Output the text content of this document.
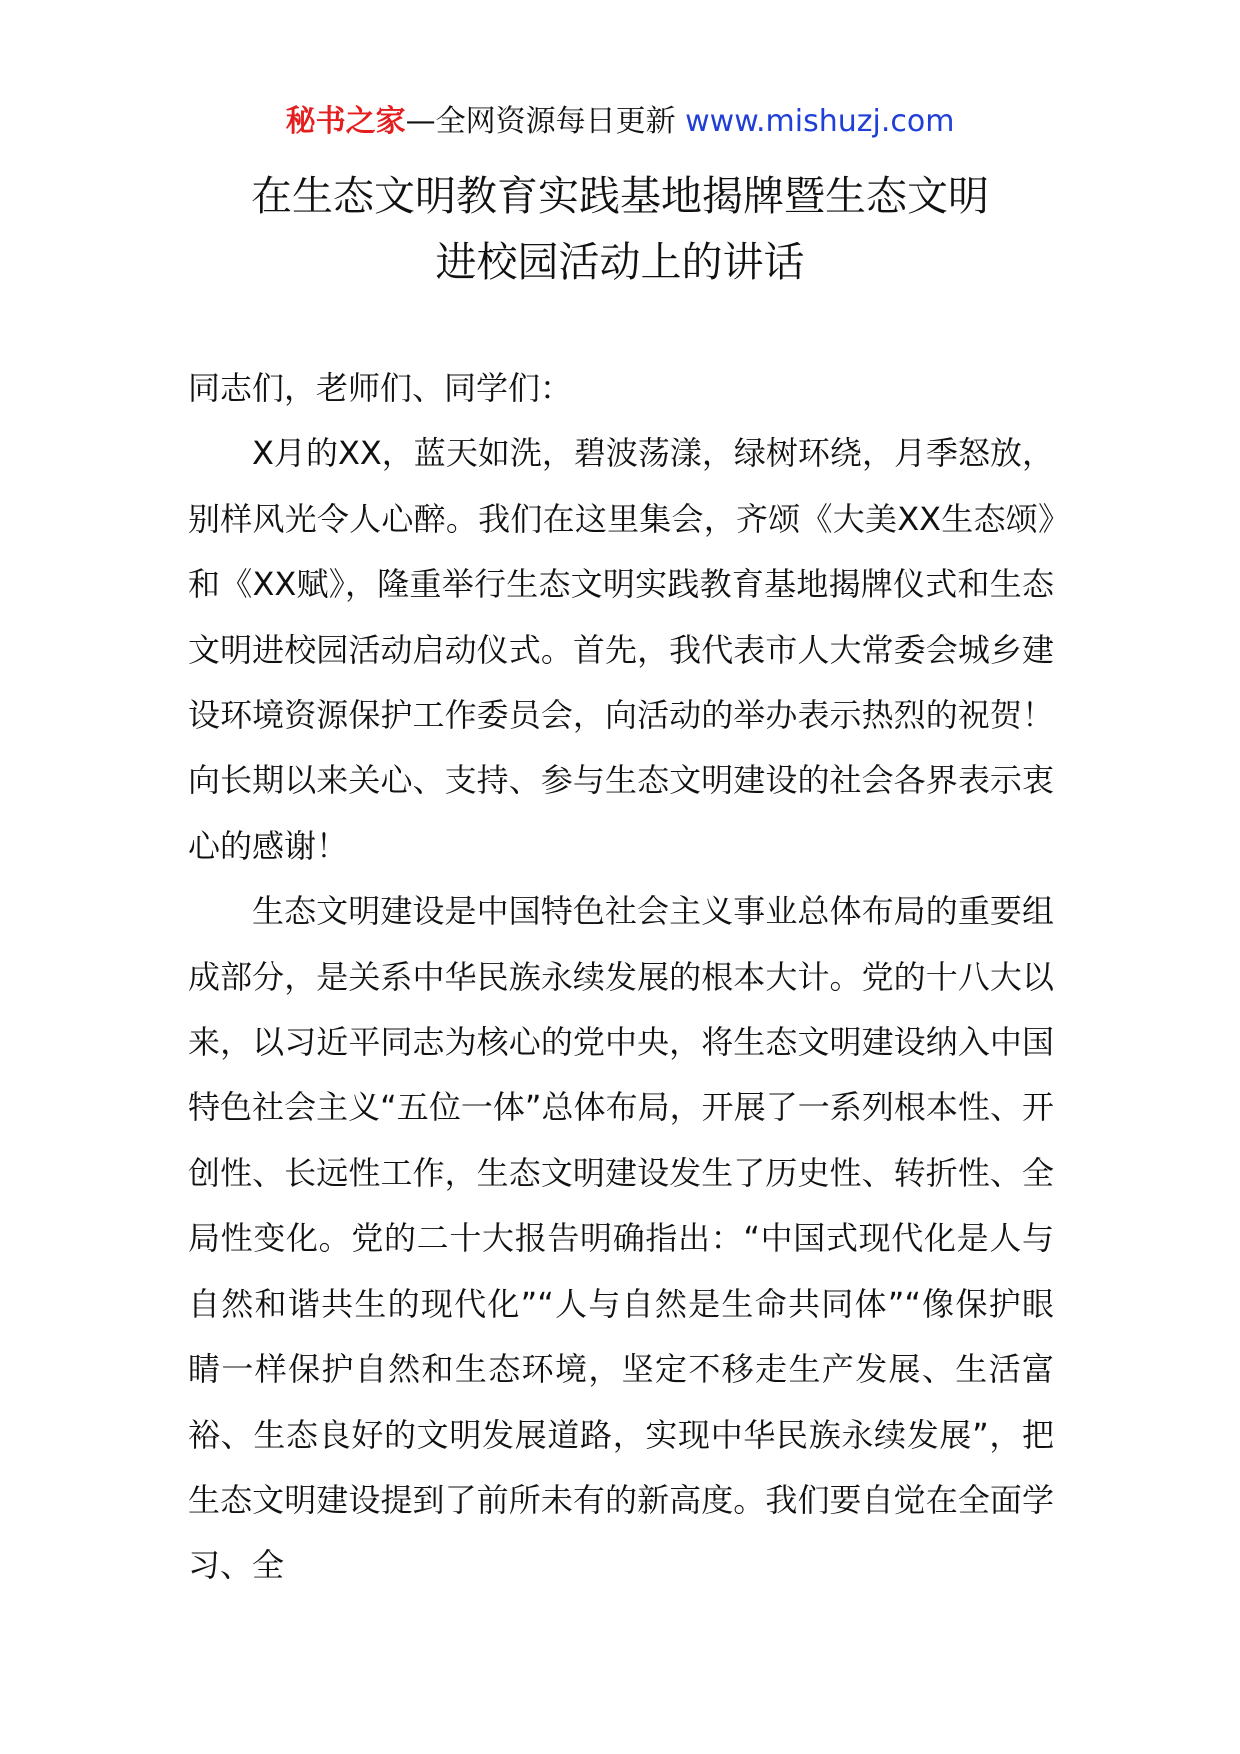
秘书之家—全网资源每日更新 www.mishuzj.com
在生态文明教育实践基地揭牌暨生态文明
进校园活动上的讲话

同志们，老师们、同学们：

X月的XX，蓝天如洗，碧波荡漾，绿树环绕，月季怒放，别样风光令人心醉。我们在这里集会，齐颂《大美XX生态颂》和《XX赋》，隆重举行生态文明实践教育基地揭牌仪式和生态文明进校园活动启动仪式。首先，我代表市人大常委会城乡建设环境资源保护工作委员会，向活动的举办表示热烈的祝贺！向长期以来关心、支持、参与生态文明建设的社会各界表示衷心的感谢！

生态文明建设是中国特色社会主义事业总体布局的重要组成部分，是关系中华民族永续发展的根本大计。党的十八大以来，以习近平同志为核心的党中央，将生态文明建设纳入中国特色社会主义“五位一体”总体布局，开展了一系列根本性、开创性、长远性工作，生态文明建设发生了历史性、转折性、全局性变化。党的二十大报告明确指出：“中国式现代化是人与自然和谐共生的现代化”“人与自然是生命共同体”“像保护眼睛一样保护自然和生态环境，坚定不移走生产发展、生活富裕、生态良好的文明发展道路，实现中华民族永续发展”，把生态文明建设提到了前所未有的新高度。我们要自觉在全面学习、全
